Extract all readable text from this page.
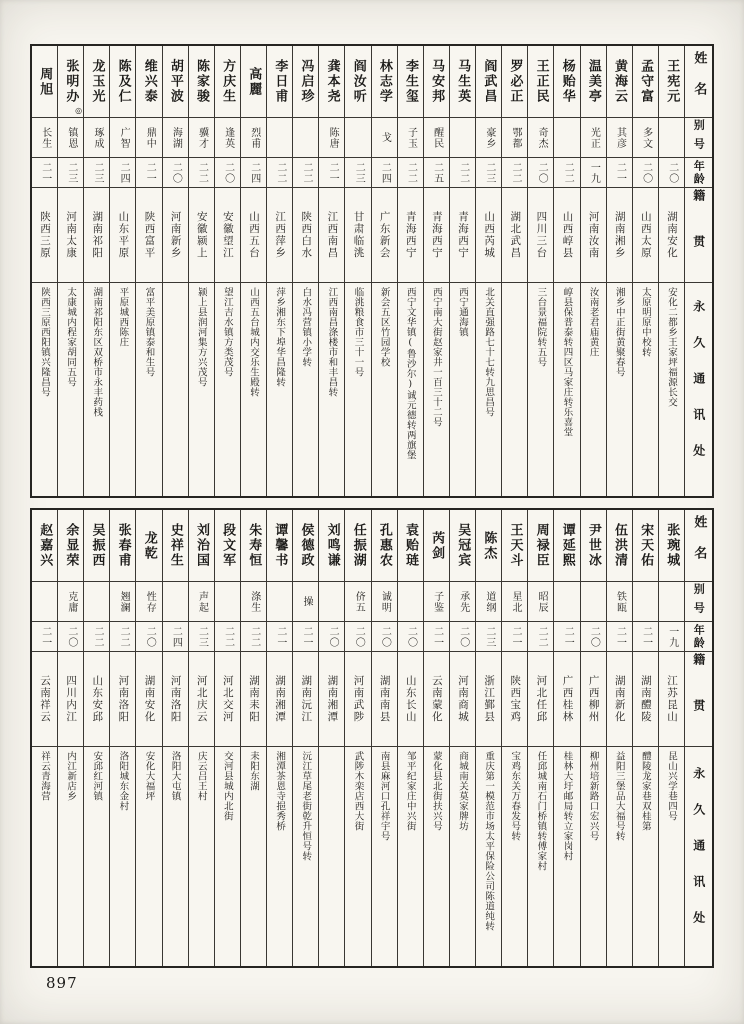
姓名
别号
年龄
籍贯
永久通讯处
王宪元
二〇
湖南安化
安化二都乡王家坪福源长交
孟守富
多文
二〇
山西太原
太原明原中校转
黄海云
其彦
二一
湖南湘乡
湘乡中正街黄聚春号
温美亭
光正
一九
河南汝南
汝南老君庙黄庄
杨贻华
二二
山西崞县
崞县保普泰转四区马家庄转乐喜堂
王正民
奇杰
二〇
四川三台
三台景福院转五号
罗必正
鄂都
二二
湖北武昌
阎武昌
豪乡
二三
山西芮城
北关直强路七十七转九思昌号
马生英
二二
青海西宁
西宁通海镇
马安邦
醒民
二五
青海西宁
西宁南大街赵家井一百三十二号
李生玺
子玉
二二
青海西宁
西宁文华镇(鲁沙尔)诚元德转两旗堡
林志学
戈
二四
广东新会
新会五区竹园学校
阎汝听
二三
甘肃临洮
临洮粮食市三十一号
龚本尧
陈唐
二一
江西南昌
江西南昌涤楼市和丰昌转
冯启珍
二二
陕西白水
白水冯营镇小学转
李日甫
二二
江西萍乡
萍乡湘东下埠华昌隆转
高麗
烈甫
二四
山西五台
山西五台城内交乐生殿转
方庆生
逢英
二〇
安徽望江
望江吉水镇方类茂号
陈家骏
骥才
二二
安徽颍上
颍上县润河集方兴茂号
胡平波
海湖
二〇
河南新乡
维兴泰
鼎中
二一
陕西富平
富平美原镇泰和生号
陈及仁
广智
二四
山东平原
平原城西陈庄
龙玉光
琢成
二三
湖南祁阳
湖南祁阳东区双桥市永丰药栈
张明办
◎
镇恩
二三
河南太康
太康城内程家胡同五号
周旭
长生
二一
陕西三原
陕西三原西阳镇兴隆昌号
姓名
别号
年龄
籍贯
永久通讯处
张琬城
一九
江苏昆山
昆山兴学巷四号
宋天佑
二一
湖南醴陵
醴陵龙家巷双桂第
伍洪清
铁瓯
二一
湖南新化
益阳三堡品大福号转
尹世冰
二〇
广西柳州
柳州培新路口宏兴号
谭延熙
二一
广西桂林
桂林大圩邮局转立家岗村
周禄臣
昭辰
二二
河北任邱
任邱城南石门桥镇转傅家村
王天斗
星北
二一
陕西宝鸡
宝鸡东关万春发号转
陈杰
道纲
二三
浙江鄞县
重庆第一模范市场太平保险公司陈道纯转
吴冠宾
承先
二〇
河南商城
商城南关莫家牌坊
芮剑
子鉴
二一
云南蒙化
蒙化县北街扶兴号
袁贻琏
二〇
山东长山
邹平纪家庄中兴街
孔惠农
诚明
二〇
湖南南县
南县麻河口孔祥宇号
任振湖
侪五
二〇
河南武陟
武陟木栾店西大街
刘鸣谦
二〇
湖南湘潭
侯德政
操
二一
湖南沅江
沅江草尾老街乾升恒号转
谭馨书
二一
湖南湘潭
湘潭茶恩寺挹秀桥
朱寿恒
涤生
二二
湖南耒阳
耒阳东湖
段文军
二二
河北交河
交河县城内北街
刘治国
声起
二三
河北庆云
庆云吕王村
史祥生
二四
河南洛阳
洛阳大屯镇
龙乾
性存
二〇
湖南安化
安化大福坪
张春甫
翘澜
二二
河南洛阳
洛阳城东金村
吴振西
二二
山东安邱
安邱红河镇
余显荣
克庸
二〇
四川内江
内江新店乡
赵嘉兴
二一
云南祥云
祥云青海营
897
